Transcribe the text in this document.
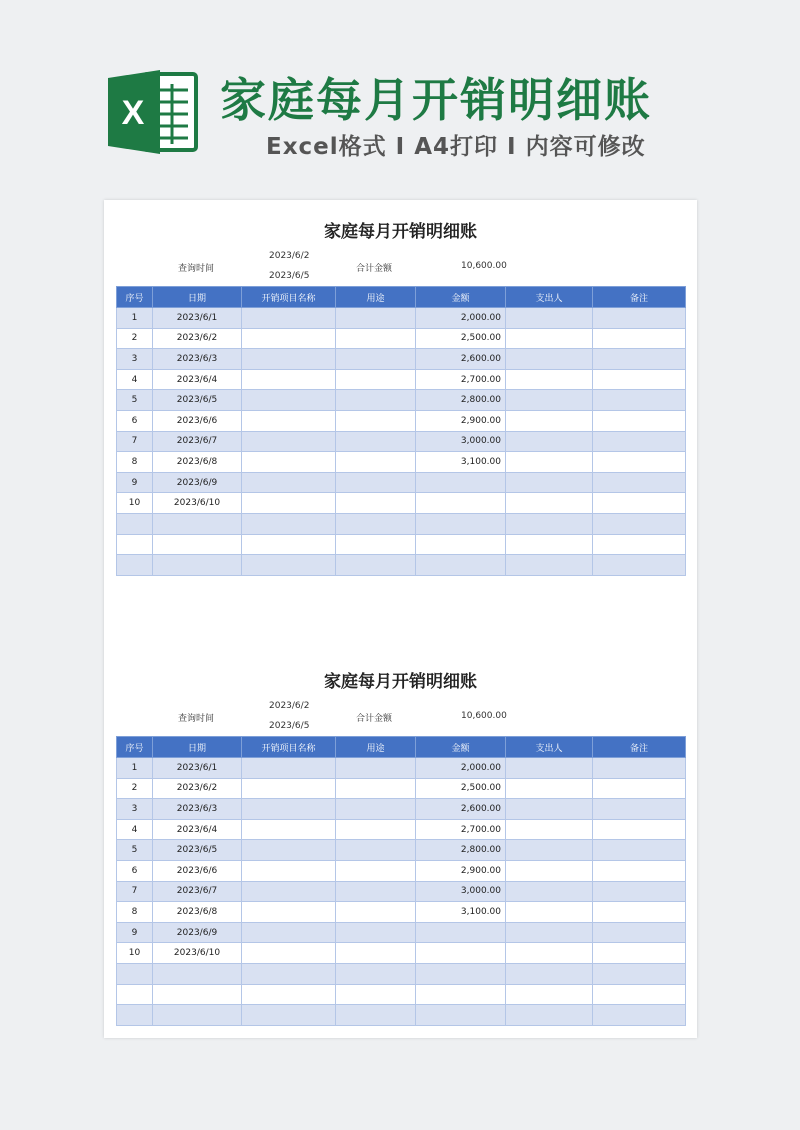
X 家庭每月开销明细账
Excel格式 I A4打印 I 内容可修改
家庭每月开销明细账
查询时间
2023/6/2
2023/6/5
合计金额	10,600.00
序号	日期	开销项目名称	用途	金额	支出人	备注
1	2023/6/1			2,000.00		
2	2023/6/2			2,500.00		
3	2023/6/3			2,600.00		
4	2023/6/4			2,700.00		
5	2023/6/5			2,800.00		
6	2023/6/6			2,900.00		
7	2023/6/7			3,000.00		
8	2023/6/8			3,100.00		
9	2023/6/9					
10	2023/6/10					

家庭每月开销明细账
查询时间
2023/6/2
2023/6/5
合计金额	10,600.00
序号	日期	开销项目名称	用途	金额	支出人	备注
1	2023/6/1			2,000.00		
2	2023/6/2			2,500.00		
3	2023/6/3			2,600.00		
4	2023/6/4			2,700.00		
5	2023/6/5			2,800.00		
6	2023/6/6			2,900.00		
7	2023/6/7			3,000.00		
8	2023/6/8			3,100.00		
9	2023/6/9					
10	2023/6/10					
